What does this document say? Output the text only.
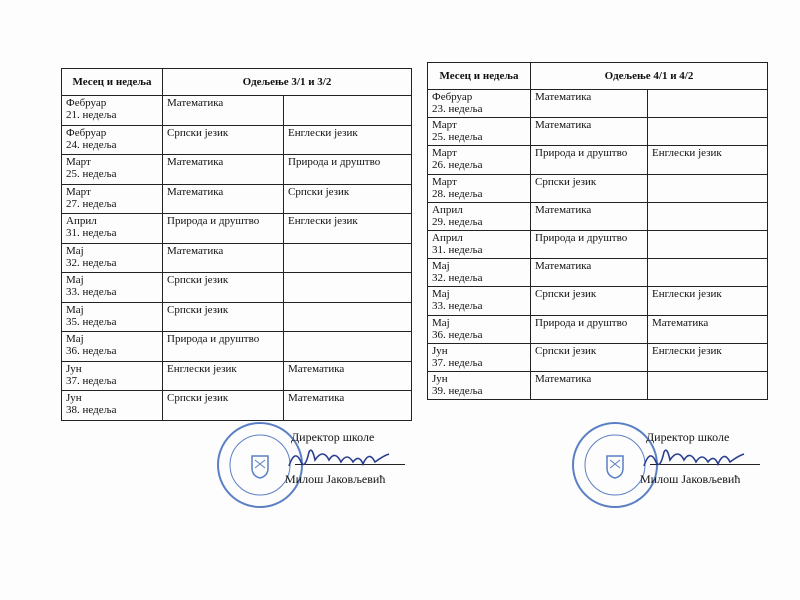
Месец и недеља	Одељење 3/1 и 3/2	

Фебруар
21. недеља	Математика	

Фебруар
24. недеља	Српски језик	Енглески језик

Март
25. недеља	Математика	Природа и друштво

Март
27. недеља	Математика	Српски језик

Април
31. недеља	Природа и друштво	Енглески језик

Мај
32. недеља	Математика	

Мај
33. недеља	Српски језик	

Мај
35. недеља	Српски језик	

Мај
36. недеља	Природа и друштво	

Јун
37. недеља	Енглески језик	Математика

Јун
38. недеља	Српски језик	Математика
Месец и недеља	Одељење 4/1 и 4/2	

Фебруар
23. недеља	Математика	

Март
25. недеља	Математика	

Март
26. недеља	Природа и друштво	Енглески језик

Март
28. недеља	Српски језик	

Април
29. недеља	Математика	

Април
31. недеља	Природа и друштво	

Мај
32. недеља	Математика	

Мај
33. недеља	Српски језик	Енглески језик

Мај
36. недеља	Природа и друштво	Математика

Јун
37. недеља	Српски језик	Енглески језик

Јун
39. недеља	Математика	
Директор школе
Милош Јаковљевић
Директор школе
Милош Јаковљевић
